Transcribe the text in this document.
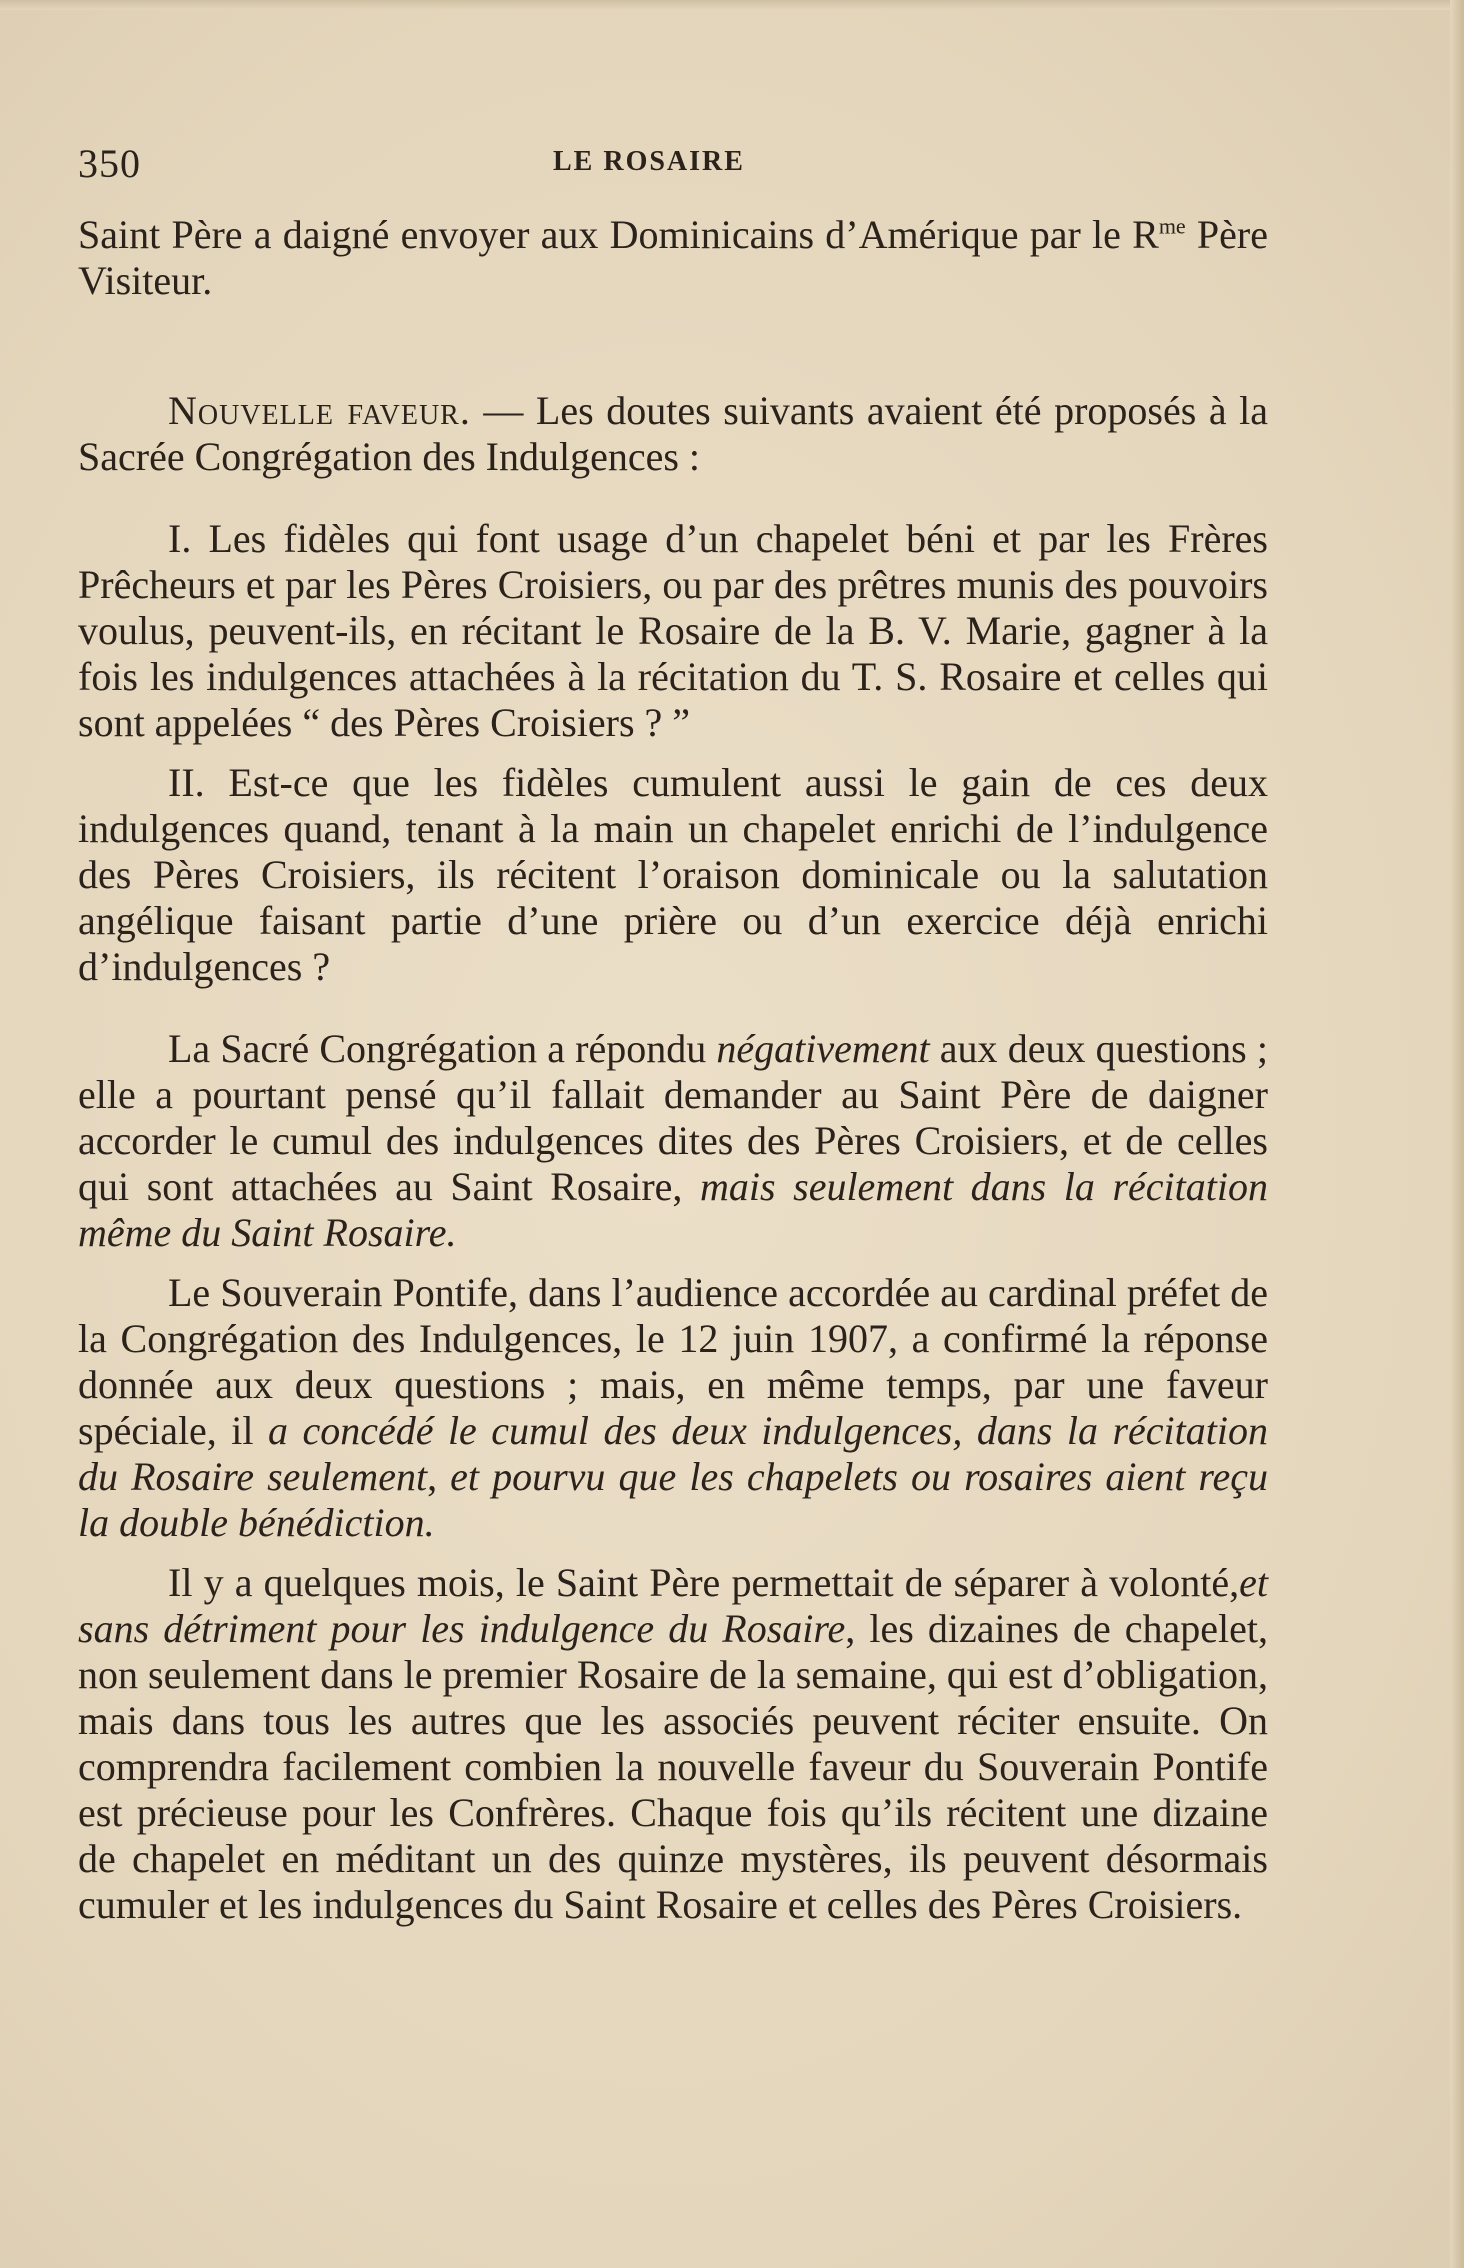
350	LE ROSAIRE

Saint Père a daigné envoyer aux Dominicains d’Amérique par le $R^{me}$ Père Visiteur.

Nouvelle faveur. — Les doutes suivants avaient été proposés à la Sacrée Congrégation des Indulgences :

I. Les fidèles qui font usage d’un chapelet béni et par les Frères Prêcheurs et par les Pères Croisiers, ou par des prêtres munis des pouvoirs voulus, peuvent-ils, en récitant le Rosaire de la B. V. Marie, gagner à la fois les indulgences attachées à la récitation du T. S. Rosaire et celles qui sont appelées “ des Pères Croisiers ? ”

II. Est-ce que les fidèles cumulent aussi le gain de ces deux indulgences quand, tenant à la main un chapelet enrichi de l’indulgence des Pères Croisiers, ils récitent l’oraison dominicale ou la salutation angélique faisant partie d’une prière ou d’un exercice déjà enrichi d’indulgences ?

La Sacré Congrégation a répondu négativement aux deux questions ; elle a pourtant pensé qu’il fallait demander au Saint Père de daigner accorder le cumul des indulgences dites des Pères Croisiers, et de celles qui sont attachées au Saint Rosaire, mais seulement dans la récitation même du Saint Rosaire.

Le Souverain Pontife, dans l’audience accordée au cardinal préfet de la Congrégation des Indulgences, le 12 juin 1907, a confirmé la réponse donnée aux deux questions ; mais, en même temps, par une faveur spéciale, il a concédé le cumul des deux indulgences, dans la récitation du Rosaire seulement, et pourvu que les chapelets ou rosaires aient reçu la double bénédiction.

Il y a quelques mois, le Saint Père permettait de séparer à volonté,et sans détriment pour les indulgence du Rosaire, les dizaines de chapelet, non seulement dans le premier Rosaire de la semaine, qui est d’obligation, mais dans tous les autres que les associés peuvent réciter ensuite. On comprendra facilement combien la nouvelle faveur du Souverain Pontife est précieuse pour les Confrères. Chaque fois qu’ils récitent une dizaine de chapelet en méditant un des quinze mystères, ils peuvent désormais cumuler et les indulgences du Saint Rosaire et celles des Pères Croisiers.
